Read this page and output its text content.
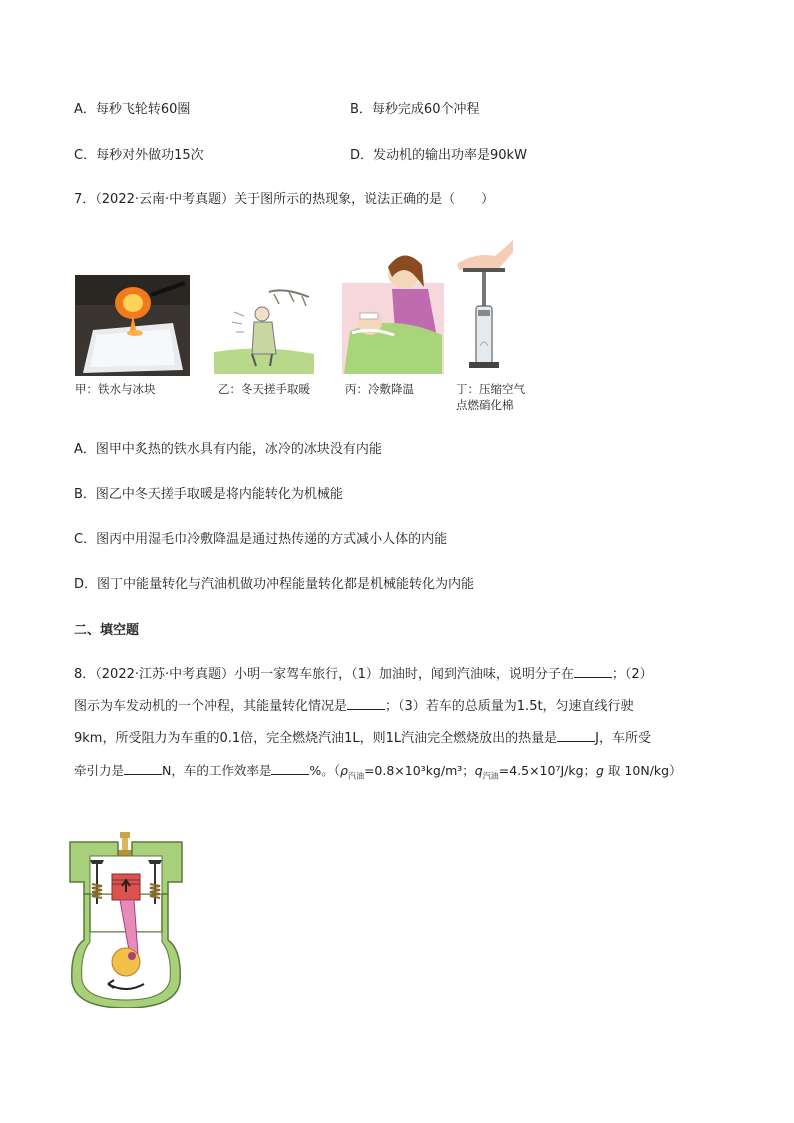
A．每秒飞轮转60圈	B．每秒完成60个冲程
C．每秒对外做功15次	D．发动机的输出功率是90kW
7．（2022·云南·中考真题）关于图所示的热现象，说法正确的是（　　）
甲：铁水与冰块	乙：冬天搓手取暖	丙：冷敷降温	丁：压缩空气点燃硝化棉
A．图甲中炙热的铁水具有内能，冰冷的冰块没有内能
B．图乙中冬天搓手取暖是将内能转化为机械能
C．图丙中用湿毛巾冷敷降温是通过热传递的方式减小人体的内能
D．图丁中能量转化与汽油机做功冲程能量转化都是机械能转化为内能
二、填空题
8．（2022·江苏·中考真题）小明一家驾车旅行，（1）加油时，闻到汽油味，说明分子在	；（2）
图示为车发动机的一个冲程，其能量转化情况是	；（3）若车的总质量为1.5t，匀速直线行驶
9km，所受阻力为车重的0.1倍，完全燃烧汽油1L，则1L汽油完全燃烧放出的热量是	J，车所受
牵引力是	N，车的工作效率是	%。（$\rho_{汽油}=0.8\times 10^3kg/m^3$；$q_{汽油}=4.5\times 10^7J/kg$；g 取 10N/kg）
